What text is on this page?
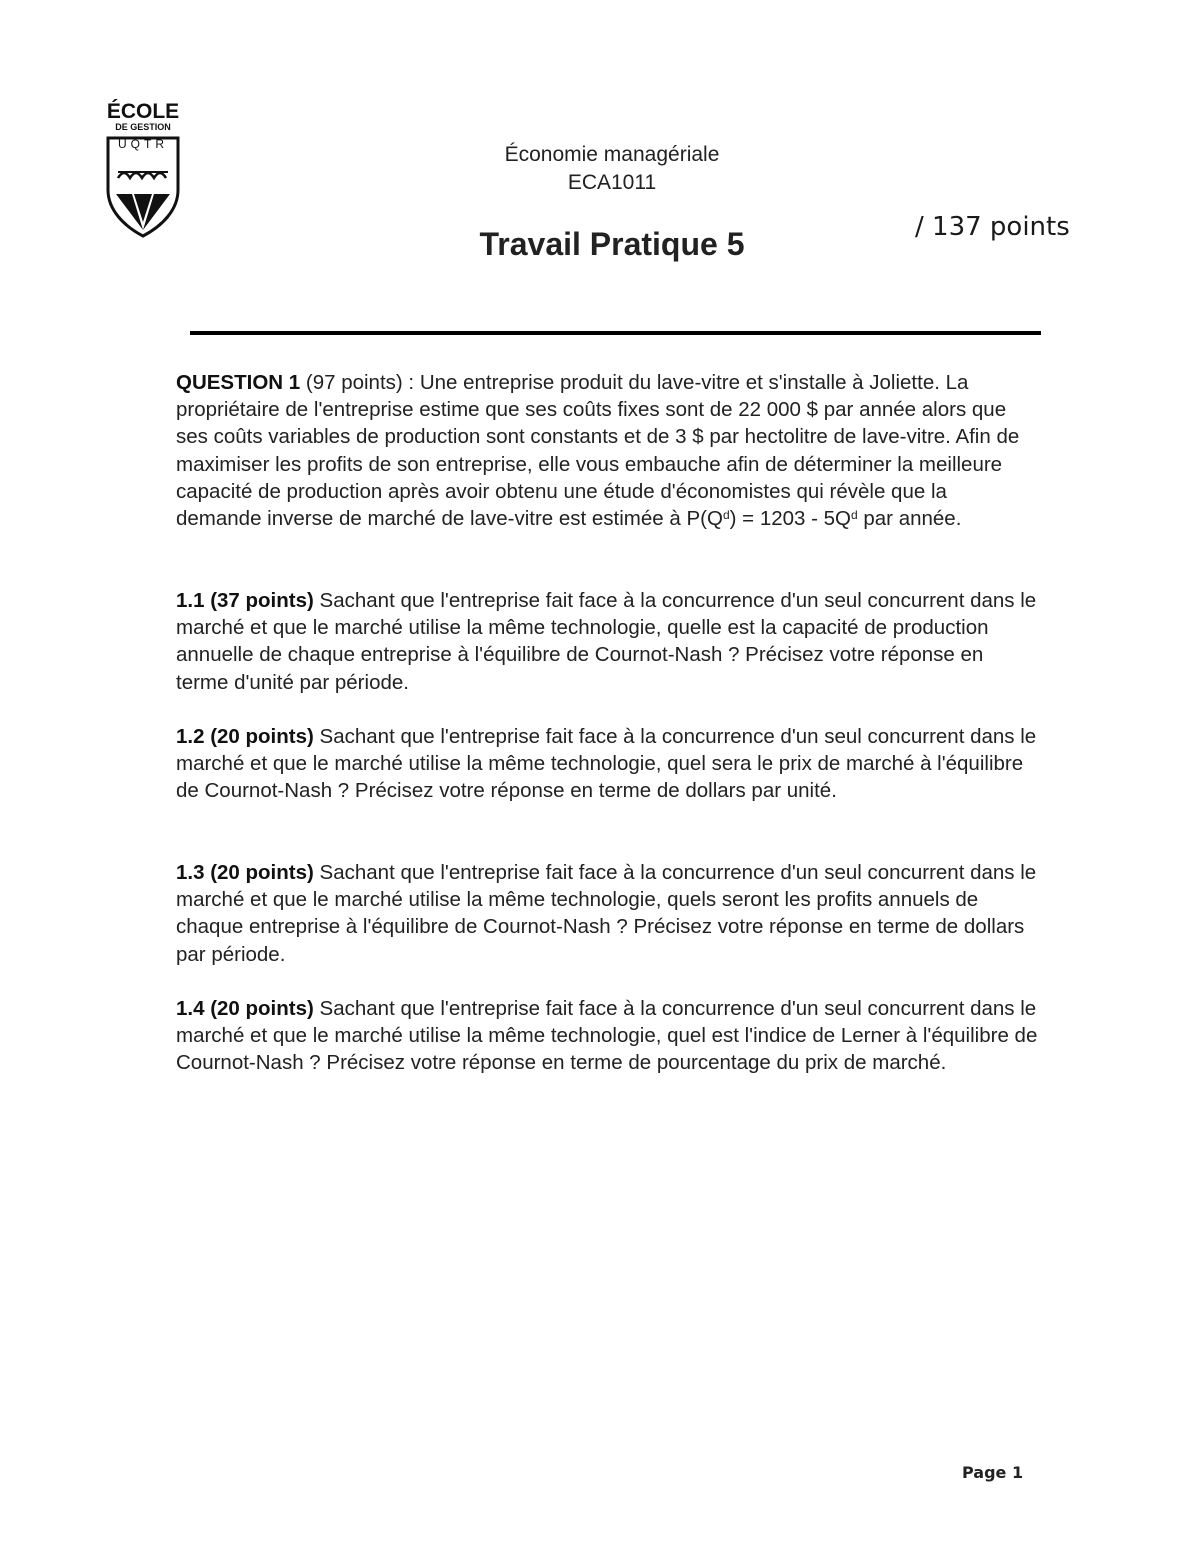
ÉCOLE
DE GESTION
UQTR	Économie managériale
ECA1011
Travail Pratique 5	/ 137 points
QUESTION 1 (97 points) : Une entreprise produit du lave-vitre et s'installe à Joliette. La propriétaire de l'entreprise estime que ses coûts fixes sont de 22 000 $ par année alors que ses coûts variables de production sont constants et de 3 $ par hectolitre de lave-vitre. Afin de maximiser les profits de son entreprise, elle vous embauche afin de déterminer la meilleure capacité de production après avoir obtenu une étude d'économistes qui révèle que la demande inverse de marché de lave-vitre est estimée à $P(Q^d) = 1203 - 5Q^d$ par année.
1.1 (37 points) Sachant que l'entreprise fait face à la concurrence d'un seul concurrent dans le marché et que le marché utilise la même technologie, quelle est la capacité de production annuelle de chaque entreprise à l'équilibre de Cournot-Nash ? Précisez votre réponse en terme d'unité par période.
1.2 (20 points) Sachant que l'entreprise fait face à la concurrence d'un seul concurrent dans le marché et que le marché utilise la même technologie, quel sera le prix de marché à l'équilibre de Cournot-Nash ? Précisez votre réponse en terme de dollars par unité.
1.3 (20 points) Sachant que l'entreprise fait face à la concurrence d'un seul concurrent dans le marché et que le marché utilise la même technologie, quels seront les profits annuels de chaque entreprise à l'équilibre de Cournot-Nash ? Précisez votre réponse en terme de dollars par période.
1.4 (20 points) Sachant que l'entreprise fait face à la concurrence d'un seul concurrent dans le marché et que le marché utilise la même technologie, quel est l'indice de Lerner à l'équilibre de Cournot-Nash ? Précisez votre réponse en terme de pourcentage du prix de marché.
Page 1
